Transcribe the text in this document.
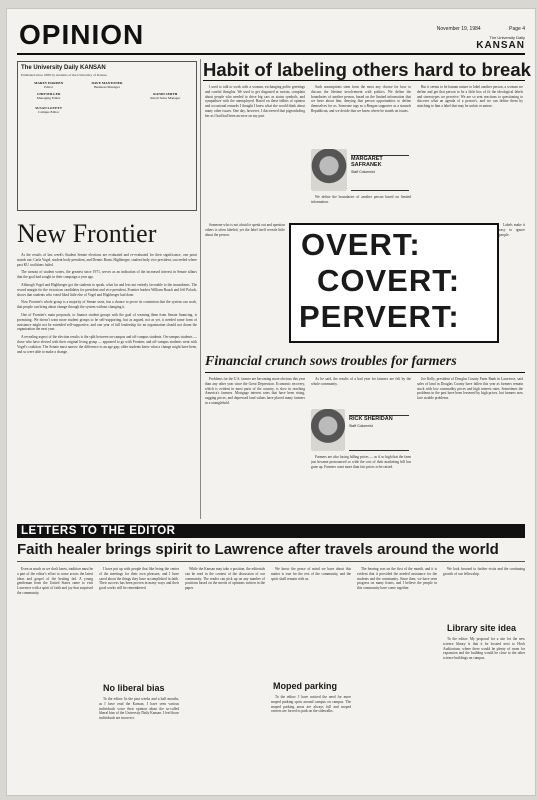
OPINION	November 19, 1984	Page 4
The University Daily
KANSAN
The University Daily KANSAN
Published since 1889 by students of the University of Kansas
MAREY HARDEN
Editor
DAVE MANTONER
Business Manager
CHIP MILLER
Managing Editor
RANDI SMITH
Retail Sales Manager
SUSAN LOVETT
Campus Editor
New Frontier

As the results of last week's Student Senate elections are evaluated and re-evaluated for their significance, one point stands out: Carla Vogel, student body president, and Dennis Brant, Highberger, student body vice president, succeeded where past KU coalitions failed.

The turnout of student voters, the greatest since 1971, serves as an indication of the increased interest in Senate affairs that the goal had sought in their campaign a year ago.

Although Vogel and Highberger got the students to speak, what far and less not entirely favorable to the incumbents. The record margin for the victorious candidates for president and vice president, Frontier leaders William Rauch and Jeff Polack, shows that students who voted liked little else of Vogel and Highberger had done.

Now Frontier's whole group is a majority of Senate seats, has a chance to prove its contention that the system can work, that people can bring about change through the system without changing it.

One of Frontier's main proposals, to finance student groups with the goal of weaning them from Senate financing, is promising. We doesn't want more student groups to be self-supporting, but as argued, not as yet, it needed some form of assistance might not be extended self-supportive, and one year of full leadership for an organization should not doom the organization the next year.

A revealing aspect of the election results is the split between on-campus and off-campus students. On-campus students — those who have elected with their original living group — appeared to go with Frontier, and off-campus students went with Vogel's coalition. The Senate must narrow the difference to an age gap; older students knew what a change might have been, and so were able to make a change.

Habit of labeling others hard to break

I used to talk to work with a woman, exchanging polite greetings and careful thoughts. We used to get disgusted at racism, complain about people who needed to drive big cars as status symbols, and sympathize with the unemployed. Based on these tidbits of opinion and occasional remarks I thought I knew what she would think about many other issues. One day, however, I discovered that pigeonholing her as I had had been an error on my part.

Such assumptions stem from the most any choose for how to discuss the lifetime involvement with politics. We define the boundaries of another person, based on the limited information that we have about him, denying that person opportunities to define themselves for us. Someone tags as a Reagan supporter as a staunch Republican, and we decide that we know where he stands on issues.

MARGARET SAFRANEK
Staff Columnist

We define the boundaries of another person based on limited information.

But it seems to be human nature to label another person, a woman we define and get that person to be a little box of fit the ideological labels and stereotypes we perceive. We are so sent reactions to questioning to discover what an agenda of a person's, and we can define them by attaching to him a label that may be unfair or untrue.

OVERT:
COVERT:
PERVERT:

Someone who is not afraid to speak out and question others is often labeled, yet the label itself reveals little about the person.

Labels make it easy to ignore people.

Financial crunch sows troubles for farmers

Problems for the U.S. farmer are becoming more obvious this year than any other year since the Great Depression. Economic recovery, which is evident in most parts of the country, is slow in reaching America's farmers. Mortgage interest rates that have been rising, sagging prices, and depressed land values have placed many farmers in a stranglehold.

RICK SHERIDAN
Staff Columnist

As he said, the results of a bad year for farmers are felt by the whole community.

Farmers are also facing falling prices — as if so high that the farm just became pronounced so wide the cost of their marketing bill has gone up. Farmers want more than fair prices to be raised.

Joe Kelly, president of Douglas County Farm Bank in Lawrence, said sales of land in Douglas County have fallen this year as farmers remain stuck with low commodity prices and high interest rates. Sometimes the problems in the past have been lessened by high prices, but farmers now face sizable problems.

LETTERS TO THE EDITOR
Faith healer brings spirit to Lawrence after travels around the world

Even as much as we don't know, tradition must be a part of the editor's effort to come across the latest ideas and gospel of the healing fad. A young gentleman from the United States came to visit Lawrence with a spirit of faith and joy that surprised the community.

I have put up with people that like being the center of the meetings for their own pleasure, and I have cared about the things they have accomplished in faith. Their success has been proven in many ways and their good works will be remembered.

No liberal bias

To the editor: In the past weeks and a half months, as I have read the Kansan, I have seen various individuals voice their opinion about the so-called liberal bias of the University Daily Kansan. I feel those individuals are incorrect.

While the Kansan may take a position, the editorials can be read in the context of the discussion of our community. The reader can pick up on any number of positions based on the merits of opinions written in the paper.

We know the peace of mind we have about this matter is true for the rest of the community, and the spirit shall remain with us.

Moped parking

To the editor: I have noticed the need for more moped parking spots around campus on campus. The moped parking areas are always full and moped owners are forced to park on the sidewalks.

The hearing was on the first of the month, and it is evident that it provided the needed assistance for the students and the community. Since then, we have seen progress on many fronts, and I believe the people in this community have come together.

We look forward to further visits and the continuing growth of our fellowship.

Library site idea

To the editor: My proposal for a site for the new science library is that it be located next to Hoch Auditorium, where there would be plenty of room for expansion and the building would be close to the other science buildings on campus.
